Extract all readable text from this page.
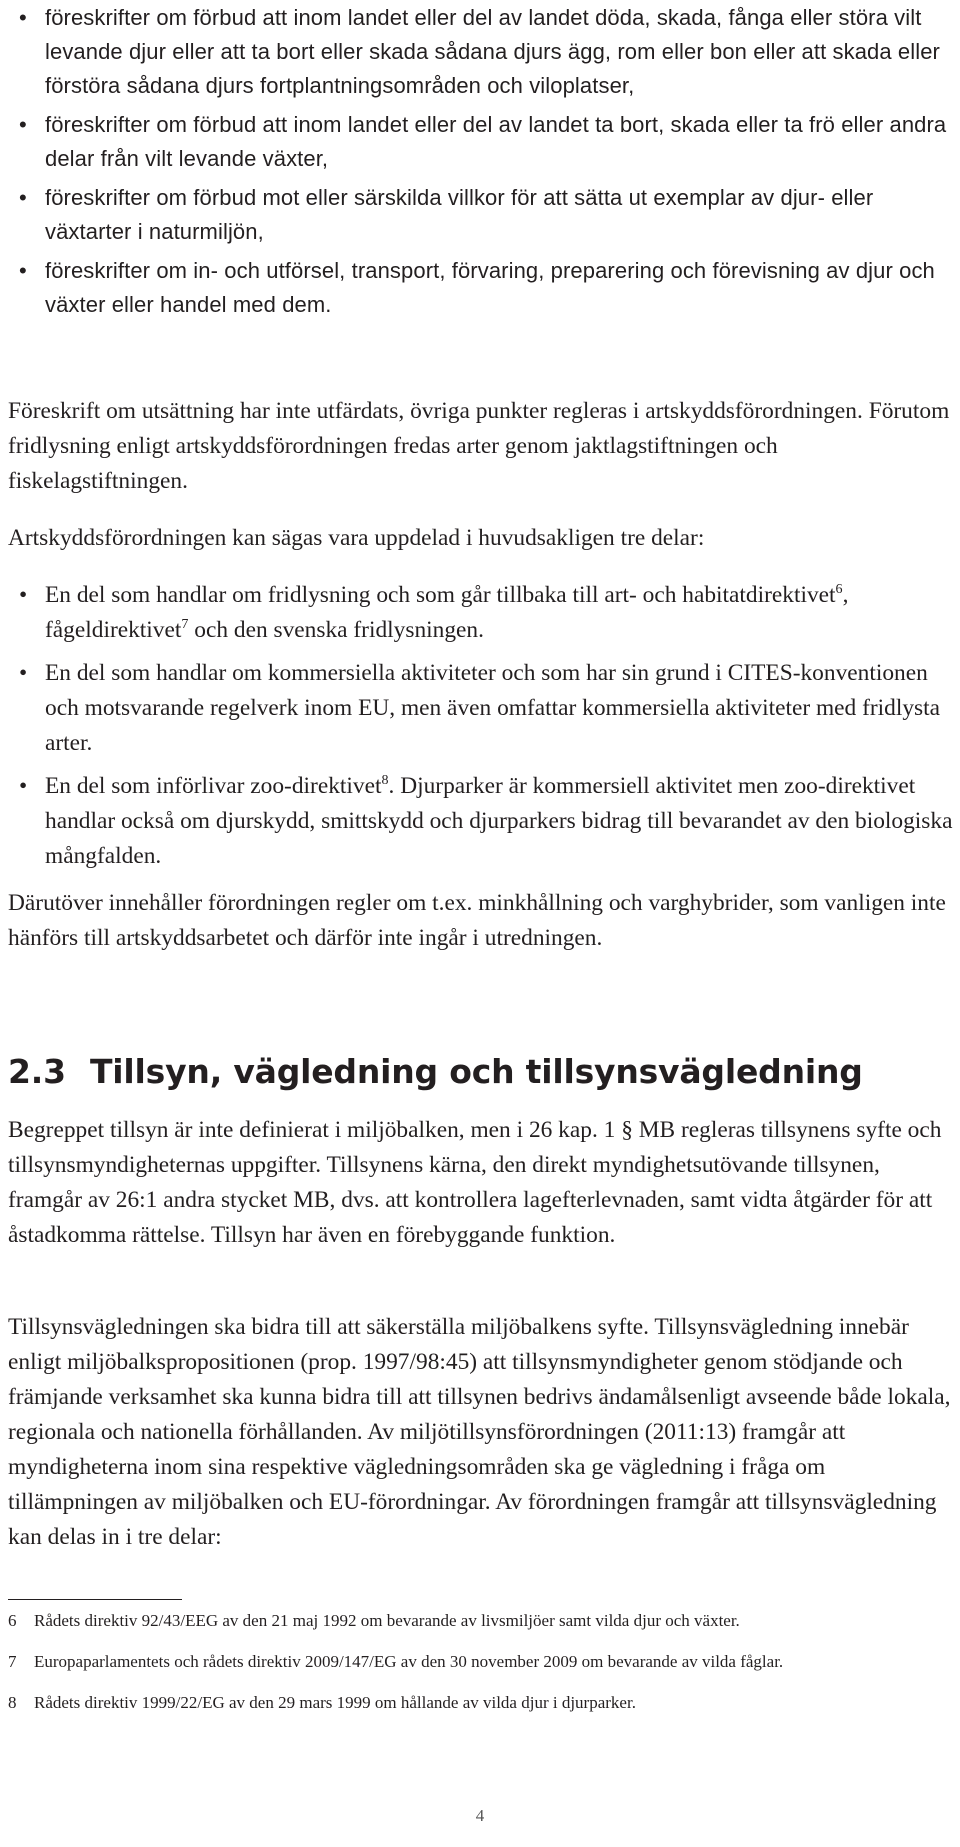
• föreskrifter om förbud att inom landet eller del av landet döda, skada, fånga eller störa vilt levande djur eller att ta bort eller skada sådana djurs ägg, rom eller bon eller att skada eller förstöra sådana djurs fortplantningsområden och viloplatser,
• föreskrifter om förbud att inom landet eller del av landet ta bort, skada eller ta frö eller andra delar från vilt levande växter,
• föreskrifter om förbud mot eller särskilda villkor för att sätta ut exemplar av djur- eller växtarter i naturmiljön,
• föreskrifter om in- och utförsel, transport, förvaring, preparering och förevisning av djur och växter eller handel med dem.

Föreskrift om utsättning har inte utfärdats, övriga punkter regleras i artskyddsförordningen. Förutom fridlysning enligt artskyddsförordningen fredas arter genom jaktlagstiftningen och fiskelagstiftningen.

Artskyddsförordningen kan sägas vara uppdelad i huvudsakligen tre delar:

• En del som handlar om fridlysning och som går tillbaka till art- och habitatdirektivet$^6$, fågeldirektivet$^7$ och den svenska fridlysningen.
• En del som handlar om kommersiella aktiviteter och som har sin grund i CITES-konventionen och motsvarande regelverk inom EU, men även omfattar kommersiella aktiviteter med fridlysta arter.
• En del som införlivar zoo-direktivet$^8$. Djurparker är kommersiell aktivitet men zoo-direktivet handlar också om djurskydd, smittskydd och djurparkers bidrag till bevarandet av den biologiska mångfalden.

Därutöver innehåller förordningen regler om t.ex. minkhållning och varghybrider, som vanligen inte hänförs till artskyddsarbetet och därför inte ingår i utredningen.

2.3 Tillsyn, vägledning och tillsynsvägledning

Begreppet tillsyn är inte definierat i miljöbalken, men i 26 kap. 1 § MB regleras tillsynens syfte och tillsynsmyndigheternas uppgifter. Tillsynens kärna, den direkt myndighetsutövande tillsynen, framgår av 26:1 andra stycket MB, dvs. att kontrollera lagefterlevnaden, samt vidta åtgärder för att åstadkomma rättelse. Tillsyn har även en förebyggande funktion.

Tillsynsvägledningen ska bidra till att säkerställa miljöbalkens syfte. Tillsynsvägledning innebär enligt miljöbalkspropositionen (prop. 1997/98:45) att tillsynsmyndigheter genom stödjande och främjande verksamhet ska kunna bidra till att tillsynen bedrivs ändamålsenligt avseende både lokala, regionala och nationella förhållanden. Av miljötillsynsförordningen (2011:13) framgår att myndigheterna inom sina respektive vägledningsområden ska ge vägledning i fråga om tillämpningen av miljöbalken och EU-förordningar. Av förordningen framgår att tillsynsvägledning kan delas in i tre delar:

6 Rådets direktiv 92/43/EEG av den 21 maj 1992 om bevarande av livsmiljöer samt vilda djur och växter.
7 Europaparlamentets och rådets direktiv 2009/147/EG av den 30 november 2009 om bevarande av vilda fåglar.
8 Rådets direktiv 1999/22/EG av den 29 mars 1999 om hållande av vilda djur i djurparker.
4
